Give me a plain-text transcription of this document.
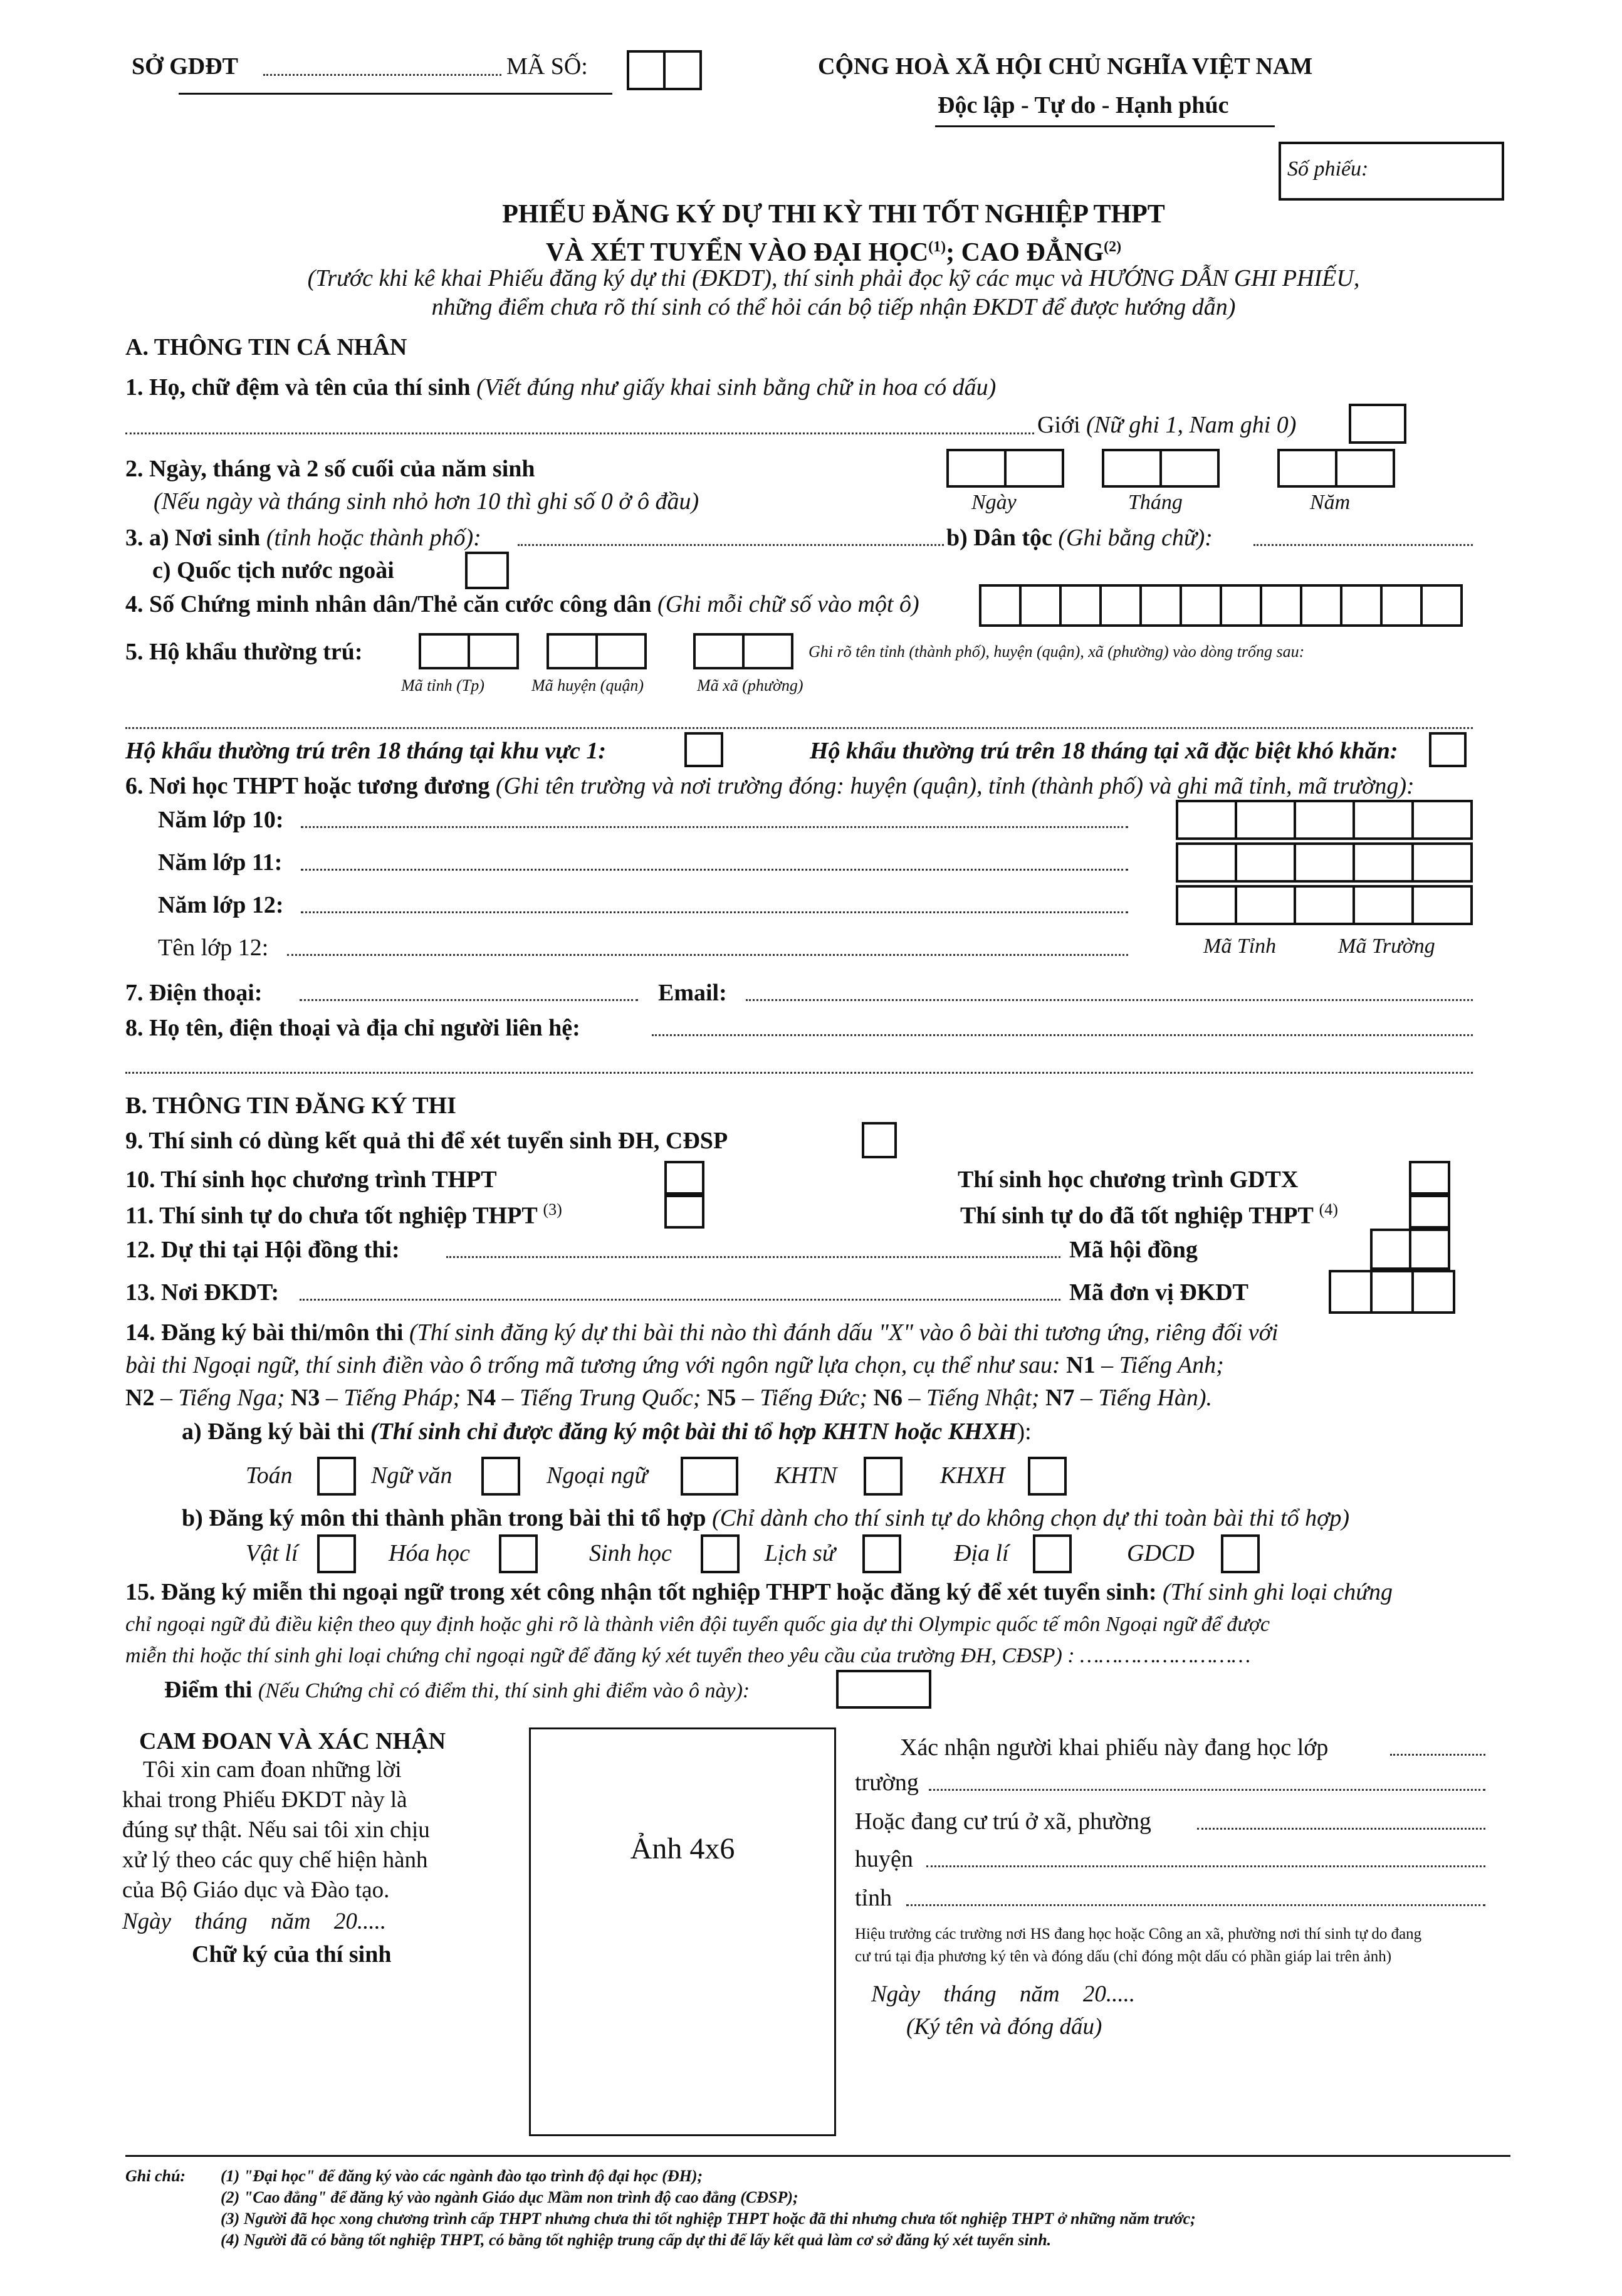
SỞ GDĐT	MÃ SỐ:	CỘNG HOÀ XÃ HỘI CHỦ NGHĨA VIỆT NAM
Độc lập - Tự do - Hạnh phúc
Số phiếu:
PHIẾU ĐĂNG KÝ DỰ THI KỲ THI TỐT NGHIỆP THPT
VÀ XÉT TUYỂN VÀO ĐẠI HỌC$^{(1)}$; CAO ĐẲNG$^{(2)}$
(Trước khi kê khai Phiếu đăng ký dự thi (ĐKDT), thí sinh phải đọc kỹ các mục và HƯỚNG DẪN GHI PHIẾU,
những điểm chưa rõ thí sinh có thể hỏi cán bộ tiếp nhận ĐKDT để được hướng dẫn)
A. THÔNG TIN CÁ NHÂN
1. Họ, chữ đệm và tên của thí sinh (Viết đúng như giấy khai sinh bằng chữ in hoa có dấu)
Giới (Nữ ghi 1, Nam ghi 0)
2. Ngày, tháng và 2 số cuối của năm sinh
(Nếu ngày và tháng sinh nhỏ hơn 10 thì ghi số 0 ở ô đầu)	Ngày	Tháng	Năm
3. a) Nơi sinh (tỉnh hoặc thành phố):	b) Dân tộc (Ghi bằng chữ):
c) Quốc tịch nước ngoài
4. Số Chứng minh nhân dân/Thẻ căn cước công dân (Ghi mỗi chữ số vào một ô)
5. Hộ khẩu thường trú:	Ghi rõ tên tỉnh (thành phố), huyện (quận), xã (phường) vào dòng trống sau:
Mã tỉnh (Tp)	Mã huyện (quận)	Mã xã (phường)
Hộ khẩu thường trú trên 18 tháng tại khu vực 1:	Hộ khẩu thường trú trên 18 tháng tại xã đặc biệt khó khăn:
6. Nơi học THPT hoặc tương đương (Ghi tên trường và nơi trường đóng: huyện (quận), tỉnh (thành phố) và ghi mã tỉnh, mã trường):
Năm lớp 10:
Năm lớp 11:
Năm lớp 12:
Tên lớp 12:	Mã Tỉnh	Mã Trường
7. Điện thoại:	Email:
8. Họ tên, điện thoại và địa chỉ người liên hệ:
B. THÔNG TIN ĐĂNG KÝ THI
9. Thí sinh có dùng kết quả thi để xét tuyển sinh ĐH, CĐSP
10. Thí sinh học chương trình THPT	Thí sinh học chương trình GDTX
11. Thí sinh tự do chưa tốt nghiệp THPT $^{(3)}$	Thí sinh tự do đã tốt nghiệp THPT $^{(4)}$
12. Dự thi tại Hội đồng thi:	Mã hội đồng
13. Nơi ĐKDT:	Mã đơn vị ĐKDT
14. Đăng ký bài thi/môn thi (Thí sinh đăng ký dự thi bài thi nào thì đánh dấu "X" vào ô bài thi tương ứng, riêng đối với
bài thi Ngoại ngữ, thí sinh điền vào ô trống mã tương ứng với ngôn ngữ lựa chọn, cụ thể như sau: N1 – Tiếng Anh;
N2 – Tiếng Nga; N3 – Tiếng Pháp; N4 – Tiếng Trung Quốc; N5 – Tiếng Đức; N6 – Tiếng Nhật; N7 – Tiếng Hàn).
a) Đăng ký bài thi (Thí sinh chỉ được đăng ký một bài thi tổ hợp KHTN hoặc KHXH):
Toán	Ngữ văn	Ngoại ngữ	KHTN	KHXH
b) Đăng ký môn thi thành phần trong bài thi tổ hợp (Chỉ dành cho thí sinh tự do không chọn dự thi toàn bài thi tổ hợp)
Vật lí	Hóa học	Sinh học	Lịch sử	Địa lí	GDCD
15. Đăng ký miễn thi ngoại ngữ trong xét công nhận tốt nghiệp THPT hoặc đăng ký để xét tuyển sinh: (Thí sinh ghi loại chứng
chỉ ngoại ngữ đủ điều kiện theo quy định hoặc ghi rõ là thành viên đội tuyển quốc gia dự thi Olympic quốc tế môn Ngoại ngữ để được
miễn thi hoặc thí sinh ghi loại chứng chỉ ngoại ngữ để đăng ký xét tuyển theo yêu cầu của trường ĐH, CĐSP) : ………………………
Điểm thi (Nếu Chứng chỉ có điểm thi, thí sinh ghi điểm vào ô này):
CAM ĐOAN VÀ XÁC NHẬN
Tôi xin cam đoan những lời
khai trong Phiếu ĐKDT này là
đúng sự thật. Nếu sai tôi xin chịu
xử lý theo các quy chế hiện hành
của Bộ Giáo dục và Đào tạo.
Ngày tháng năm 20.....
Chữ ký của thí sinh
Ảnh 4x6
Xác nhận người khai phiếu này đang học lớp
trường
Hoặc đang cư trú ở xã, phường
huyện
tỉnh
Hiệu trưởng các trường nơi HS đang học hoặc Công an xã, phường nơi thí sinh tự do đang
cư trú tại địa phương ký tên và đóng dấu (chỉ đóng một dấu có phần giáp lai trên ảnh)
Ngày tháng năm 20.....
(Ký tên và đóng dấu)
Ghi chú: (1) "Đại học" để đăng ký vào các ngành đào tạo trình độ đại học (ĐH);
(2) "Cao đẳng" để đăng ký vào ngành Giáo dục Mầm non trình độ cao đẳng (CĐSP);
(3) Người đã học xong chương trình cấp THPT nhưng chưa thi tốt nghiệp THPT hoặc đã thi nhưng chưa tốt nghiệp THPT ở những năm trước;
(4) Người đã có bằng tốt nghiệp THPT, có bằng tốt nghiệp trung cấp dự thi để lấy kết quả làm cơ sở đăng ký xét tuyển sinh.
